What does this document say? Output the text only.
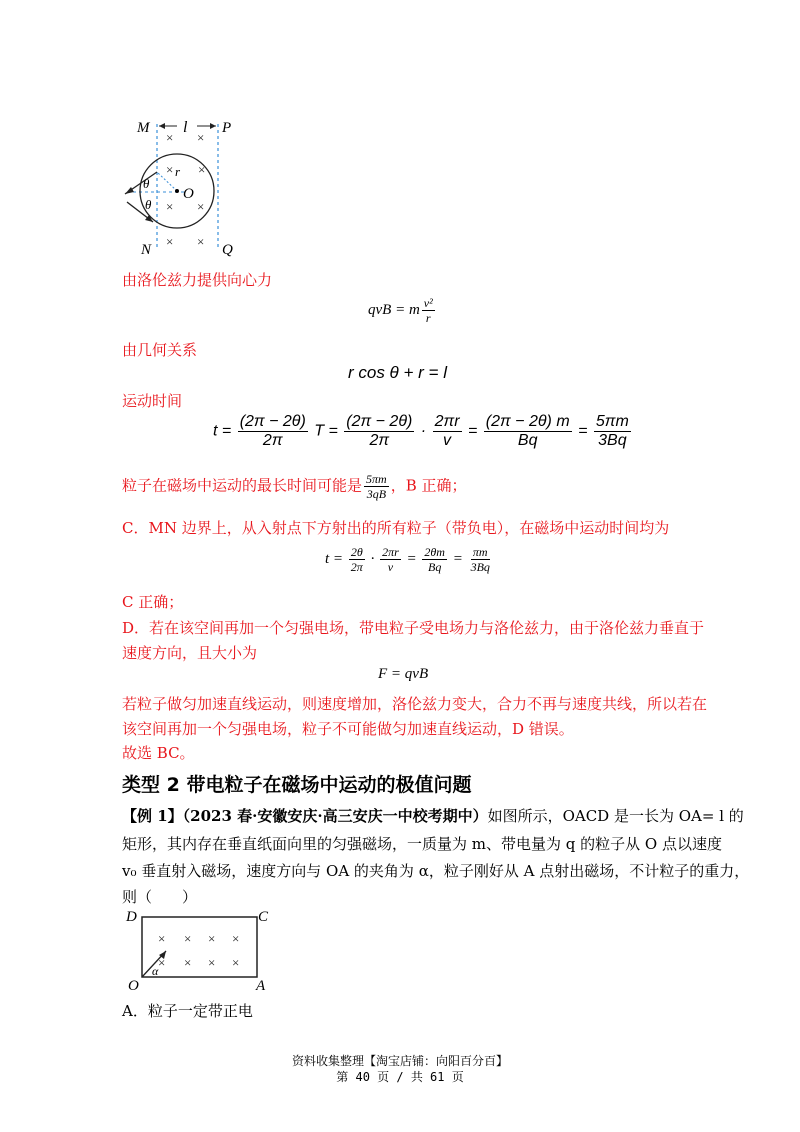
M l P
r
O
θ
θ
N	Q
× ×
× ×
× ×
× ×
由洛伦兹力提供向心力
qvB = m $\frac{\text{v²}}{r}$
由几何关系
r cos θ + r = l
运动时间
$t = \frac{(2\pi - 2\theta)}{2\pi}$ $T = \frac{(2\pi - 2\theta)}{2\pi} \cdot \frac{2\pi r}{v} = \frac{(2\pi - 2\theta) m}{Bq} = \frac{5\pi m}{3Bq}$
粒子在磁场中运动的最长时间可能是 $\frac{5\pi m}{3qB}$ ，B 正确；
C．MN 边界上，从入射点下方射出的所有粒子（带负电），在磁场中运动时间均为
$t = \frac{2\theta}{2\pi} \cdot \frac{2\pi r}{v} = \frac{2\theta m}{Bq} = \frac{\pi m}{3Bq}$
C 正确；
D．若在该空间再加一个匀强电场，带电粒子受电场力与洛伦兹力，由于洛伦兹力垂直于
速度方向，且大小为
F = qvB
若粒子做匀加速直线运动，则速度增加，洛伦兹力变大，合力不再与速度共线，所以若在
该空间再加一个匀强电场，粒子不可能做匀加速直线运动，D 错误。
故选 BC。
类型 2 带电粒子在磁场中运动的极值问题
【例 1】（2023 春·安徽安庆·高三安庆一中校考期中）如图所示，OACD 是一长为 OA= l 的
矩形，其内存在垂直纸面向里的匀强磁场，一质量为 m、带电量为 q 的粒子从 O 点以速度
v₀ 垂直射入磁场，速度方向与 OA 的夹角为 α，粒子刚好从 A 点射出磁场，不计粒子的重力，
则（　　）
D	C
O	A
α
× × × ×
× × × ×
A．粒子一定带正电
资料收集整理【淘宝店铺：向阳百分百】
第 40 页 / 共 61 页
